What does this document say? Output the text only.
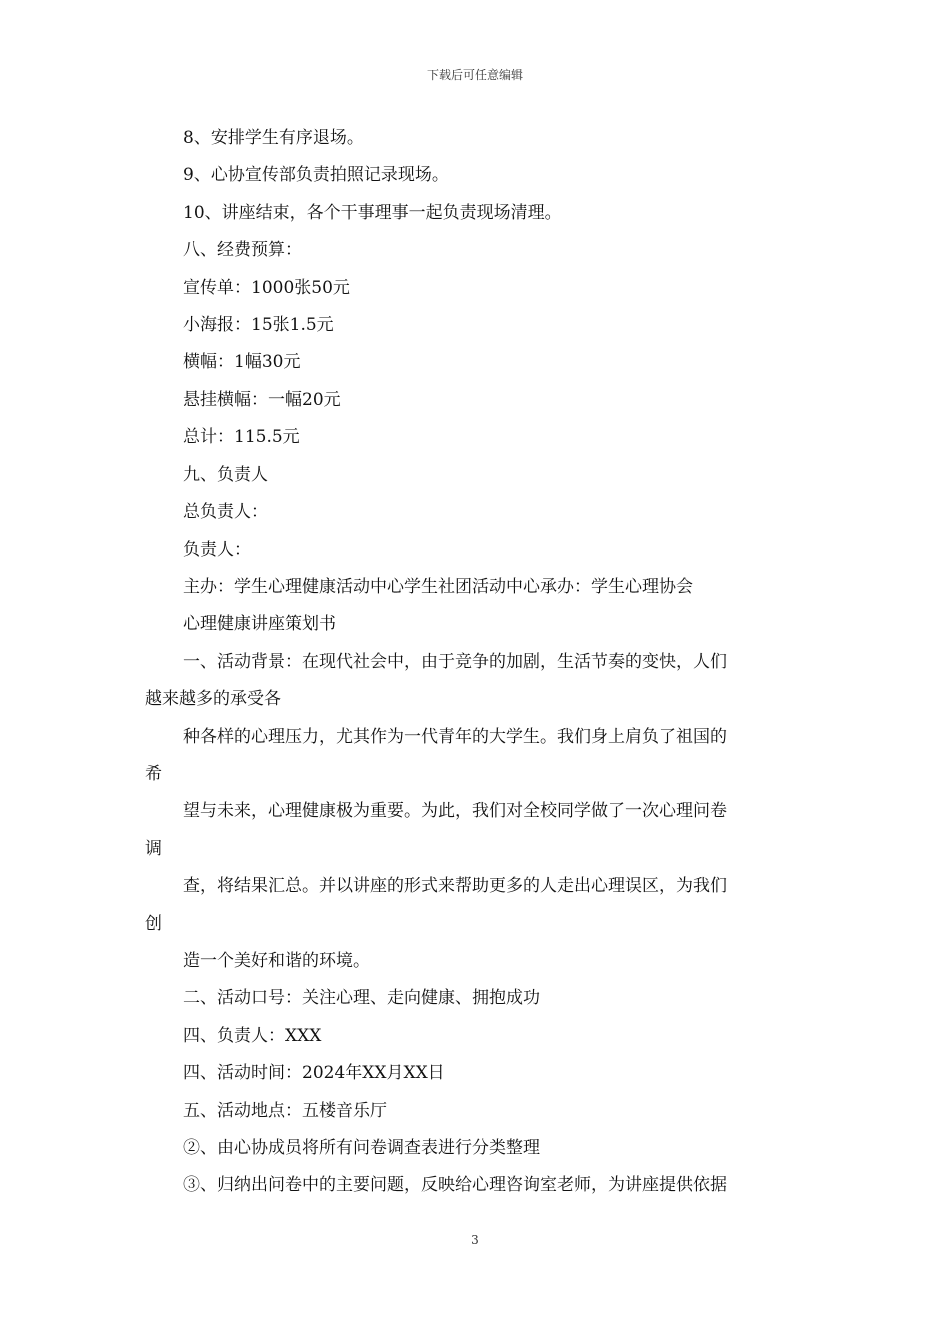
下载后可任意编辑
8、安排学生有序退场。
9、心协宣传部负责拍照记录现场。
10、讲座结束，各个干事理事一起负责现场清理。
八、经费预算：
宣传单：1000张50元
小海报：15张1.5元
横幅：1幅30元
悬挂横幅：一幅20元
总计：115.5元
九、负责人
总负责人：
负责人：
主办：学生心理健康活动中心学生社团活动中心承办：学生心理协会
心理健康讲座策划书
一、活动背景：在现代社会中，由于竞争的加剧，生活节奏的变快，人们
越来越多的承受各
种各样的心理压力，尤其作为一代青年的大学生。我们身上肩负了祖国的
希
望与未来，心理健康极为重要。为此，我们对全校同学做了一次心理问卷
调
查，将结果汇总。并以讲座的形式来帮助更多的人走出心理误区，为我们
创
造一个美好和谐的环境。
二、活动口号：关注心理、走向健康、拥抱成功
四、负责人：XXX
四、活动时间：2024年XX月XX日
五、活动地点：五楼音乐厅
②、由心协成员将所有问卷调查表进行分类整理
③、归纳出问卷中的主要问题，反映给心理咨询室老师，为讲座提供依据
3
